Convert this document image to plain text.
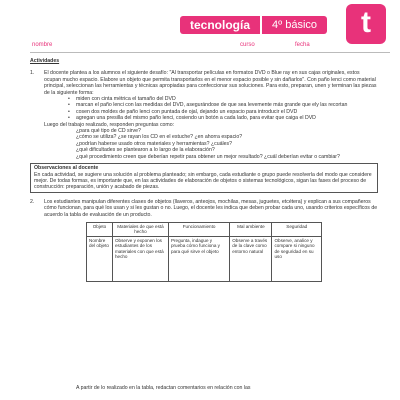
tecnología	4º básico	t
nombre	curso	fecha
Actividades
1.	El docente plantea a los alumnos el siguiente desafío: "Al transportar películas en formatos DVD o Blue ray en sus cajas originales, estos ocupan mucho espacio. Elabore un objeto que permita transportarlos en el menor espacio posible y sin dañarlos". Con paño lenci como material principal, seleccionan las herramientas y técnicas apropiadas para confeccionar sus soluciones. Para esto, preparan, unen y terminan las piezas de la siguiente forma:
• miden con cinta métrica el tamaño del DVD
• marcan el paño lenci con las medidas del DVD, asegurándose de que sea levemente más grande que ely las recortan
• cosen dos moldes de paño lenci con puntada de ojal, dejando un espacio para introducir el DVD
• agregan una presilla del mismo paño lenci, cosiendo un botón a cada lado, para evitar que caiga el DVD
Luego del trabajo realizado, responden preguntas como:
¿para qué tipo de CD sirve?
¿cómo se utiliza? ¿se rayan los CD en el estuche? ¿en ahorra espacio?
¿podrían haberse usado otros materiales y herramientas? ¿cuáles?
¿qué dificultades se plantearon a lo largo de la elaboración?
¿qué procedimiento creen que deberían repetir para obtener un mejor resultado? ¿cuál deberían evitar o cambiar?
Observaciones al docente
En cada actividad, se sugiere una solución al problema planteado; sin embargo, cada estudiante o grupo puede resolverla del modo que considere mejor. De todas formas, es importante que, en las actividades de elaboración de objetos o sistemas tecnológicos, sigan las fases del proceso de construcción: preparación, unión y acabado de piezas.
2.	Los estudiantes manipulan diferentes clases de objetos (llaveros, anteojos, mochilas, mesas, juguetes, etcétera) y explican a sus compañeros cómo funcionan, para qué los usan y si les gustan o no. Luego, el docente les indica que deben probar cada uno, usando criterios específicos de acuerdo la tabla de evaluación de un producto.
Objeto	Materiales de que está hecho	Funcionamiento	Mal ambiente	Seguridad
Nombre del objeto	Observe y exponen los estudiantes de los materiales con que está hecho	Pregunta, indague y prueba cómo funciona y para qué sirve el objeto	Observe a través de la clave como entorno natural	Observe, analice y compare si ninguno de seguridad en su uso
A partir de lo realizado en la tabla, redactan comentarios en relación con las
